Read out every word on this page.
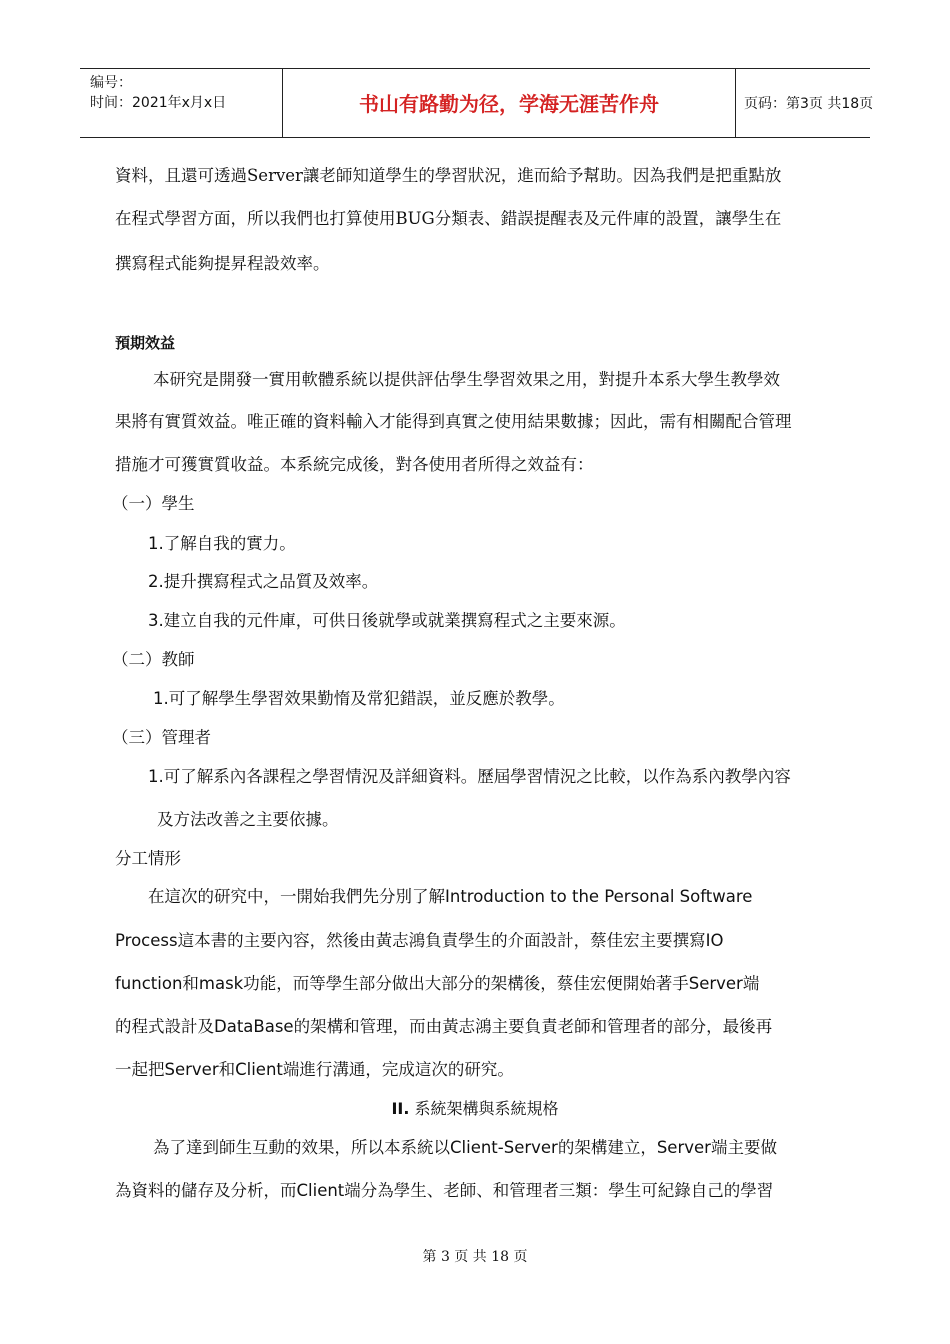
编号：
时间：2021年x月x日	书山有路勤为径，学海无涯苦作舟	页码：第3页 共18页
資料，且還可透過Server讓老師知道學生的學習狀況，進而給予幫助。因為我們是把重點放
在程式學習方面，所以我們也打算使用BUG分類表、錯誤提醒表及元件庫的設置，讓學生在
撰寫程式能夠提昇程設效率。
預期效益
本研究是開發一實用軟體系統以提供評估學生學習效果之用，對提升本系大學生教學效
果將有實質效益。唯正確的資料輸入才能得到真實之使用結果數據；因此，需有相關配合管理
措施才可獲實質收益。本系統完成後，對各使用者所得之效益有：
（一）學生
1.了解自我的實力。
2.提升撰寫程式之品質及效率。
3.建立自我的元件庫，可供日後就學或就業撰寫程式之主要來源。
（二）教師
1.可了解學生學習效果勤惰及常犯錯誤，並反應於教學。
（三）管理者
1.可了解系內各課程之學習情況及詳細資料。歷屆學習情況之比較，以作為系內教學內容
及方法改善之主要依據。
分工情形
在這次的研究中，一開始我們先分別了解Introduction to the Personal Software
Process這本書的主要內容，然後由黃志鴻負責學生的介面設計，蔡佳宏主要撰寫IO
function和mask功能，而等學生部分做出大部分的架構後，蔡佳宏便開始著手Server端
的程式設計及DataBase的架構和管理，而由黃志鴻主要負責老師和管理者的部分，最後再
一起把Server和Client端進行溝通，完成這次的研究。
II. 系統架構與系統規格
為了達到師生互動的效果，所以本系統以Client-Server的架構建立，Server端主要做
為資料的儲存及分析，而Client端分為學生、老師、和管理者三類：學生可紀錄自己的學習
第 3 页 共 18 页
